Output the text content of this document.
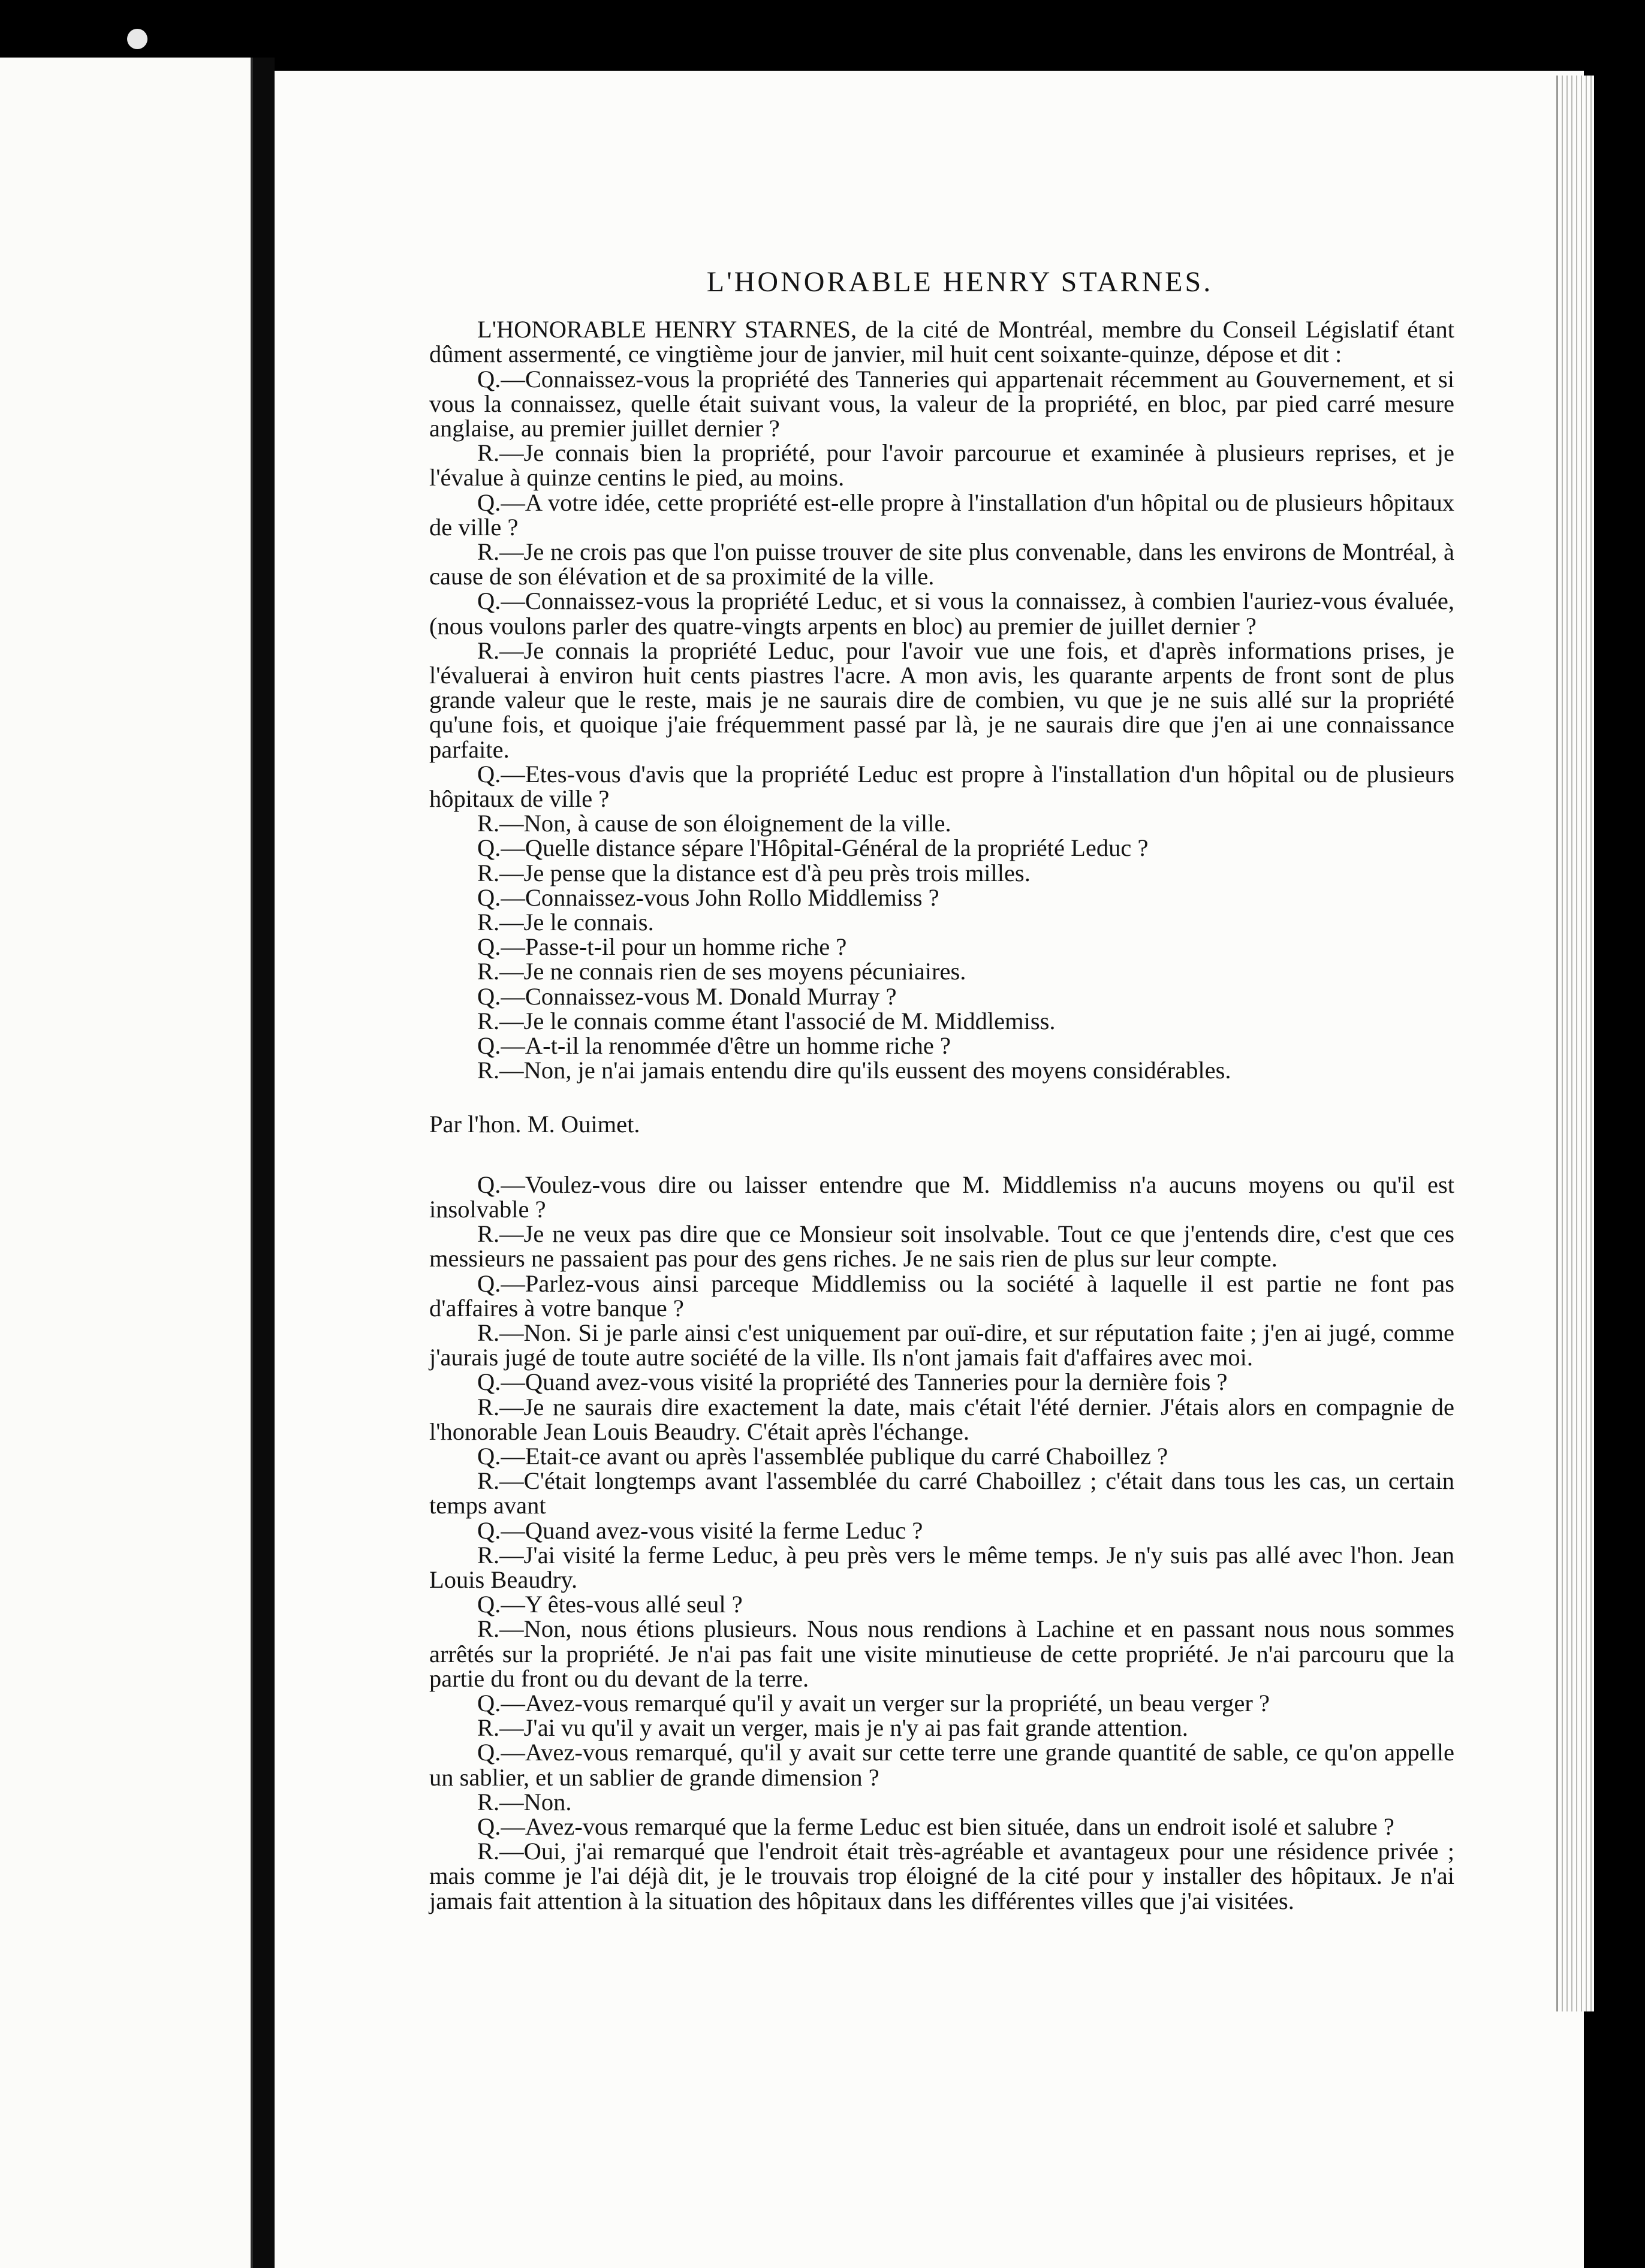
L'HONORABLE HENRY STARNES.

L'HONORABLE HENRY STARNES, de la cité de Montréal, membre du Conseil Législatif étant dûment assermenté, ce vingtième jour de janvier, mil huit cent soixante-quinze, dépose et dit :

Q.—Connaissez-vous la propriété des Tanneries qui appartenait récemment au Gouvernement, et si vous la connaissez, quelle était suivant vous, la valeur de la propriété, en bloc, par pied carré mesure anglaise, au premier juillet dernier ?

R.—Je connais bien la propriété, pour l'avoir parcourue et examinée à plusieurs reprises, et je l'évalue à quinze centins le pied, au moins.

Q.—A votre idée, cette propriété est-elle propre à l'installation d'un hôpital ou de plusieurs hôpitaux de ville ?

R.—Je ne crois pas que l'on puisse trouver de site plus convenable, dans les environs de Montréal, à cause de son élévation et de sa proximité de la ville.

Q.—Connaissez-vous la propriété Leduc, et si vous la connaissez, à combien l'auriez-vous évaluée, (nous voulons parler des quatre-vingts arpents en bloc) au premier de juillet dernier ?

R.—Je connais la propriété Leduc, pour l'avoir vue une fois, et d'après informations prises, je l'évaluerai à environ huit cents piastres l'acre. A mon avis, les quarante arpents de front sont de plus grande valeur que le reste, mais je ne saurais dire de combien, vu que je ne suis allé sur la propriété qu'une fois, et quoique j'aie fréquemment passé par là, je ne saurais dire que j'en ai une connaissance parfaite.

Q.—Etes-vous d'avis que la propriété Leduc est propre à l'installation d'un hôpital ou de plusieurs hôpitaux de ville ?

R.—Non, à cause de son éloignement de la ville.

Q.—Quelle distance sépare l'Hôpital-Général de la propriété Leduc ?

R.—Je pense que la distance est d'à peu près trois milles.

Q.—Connaissez-vous John Rollo Middlemiss ?

R.—Je le connais.

Q.—Passe-t-il pour un homme riche ?

R.—Je ne connais rien de ses moyens pécuniaires.

Q.—Connaissez-vous M. Donald Murray ?

R.—Je le connais comme étant l'associé de M. Middlemiss.

Q.—A-t-il la renommée d'être un homme riche ?

R.—Non, je n'ai jamais entendu dire qu'ils eussent des moyens considérables.

Par l'hon. M. Ouimet.

Q.—Voulez-vous dire ou laisser entendre que M. Middlemiss n'a aucuns moyens ou qu'il est insolvable ?

R.—Je ne veux pas dire que ce Monsieur soit insolvable. Tout ce que j'entends dire, c'est que ces messieurs ne passaient pas pour des gens riches. Je ne sais rien de plus sur leur compte.

Q.—Parlez-vous ainsi parceque Middlemiss ou la société à laquelle il est partie ne font pas d'affaires à votre banque ?

R.—Non. Si je parle ainsi c'est uniquement par ouï-dire, et sur réputation faite ; j'en ai jugé, comme j'aurais jugé de toute autre société de la ville. Ils n'ont jamais fait d'affaires avec moi.

Q.—Quand avez-vous visité la propriété des Tanneries pour la dernière fois ?

R.—Je ne saurais dire exactement la date, mais c'était l'été dernier. J'étais alors en compagnie de l'honorable Jean Louis Beaudry. C'était après l'échange.

Q.—Etait-ce avant ou après l'assemblée publique du carré Chaboillez ?

R.—C'était longtemps avant l'assemblée du carré Chaboillez ; c'était dans tous les cas, un certain temps avant

Q.—Quand avez-vous visité la ferme Leduc ?

R.—J'ai visité la ferme Leduc, à peu près vers le même temps. Je n'y suis pas allé avec l'hon. Jean Louis Beaudry.

Q.—Y êtes-vous allé seul ?

R.—Non, nous étions plusieurs. Nous nous rendions à Lachine et en passant nous nous sommes arrêtés sur la propriété. Je n'ai pas fait une visite minutieuse de cette propriété. Je n'ai parcouru que la partie du front ou du devant de la terre.

Q.—Avez-vous remarqué qu'il y avait un verger sur la propriété, un beau verger ?

R.—J'ai vu qu'il y avait un verger, mais je n'y ai pas fait grande attention.

Q.—Avez-vous remarqué, qu'il y avait sur cette terre une grande quantité de sable, ce qu'on appelle un sablier, et un sablier de grande dimension ?

R.—Non.

Q.—Avez-vous remarqué que la ferme Leduc est bien située, dans un endroit isolé et salubre ?

R.—Oui, j'ai remarqué que l'endroit était très-agréable et avantageux pour une résidence privée ; mais comme je l'ai déjà dit, je le trouvais trop éloigné de la cité pour y installer des hôpitaux. Je n'ai jamais fait attention à la situation des hôpitaux dans les différentes villes que j'ai visitées.
